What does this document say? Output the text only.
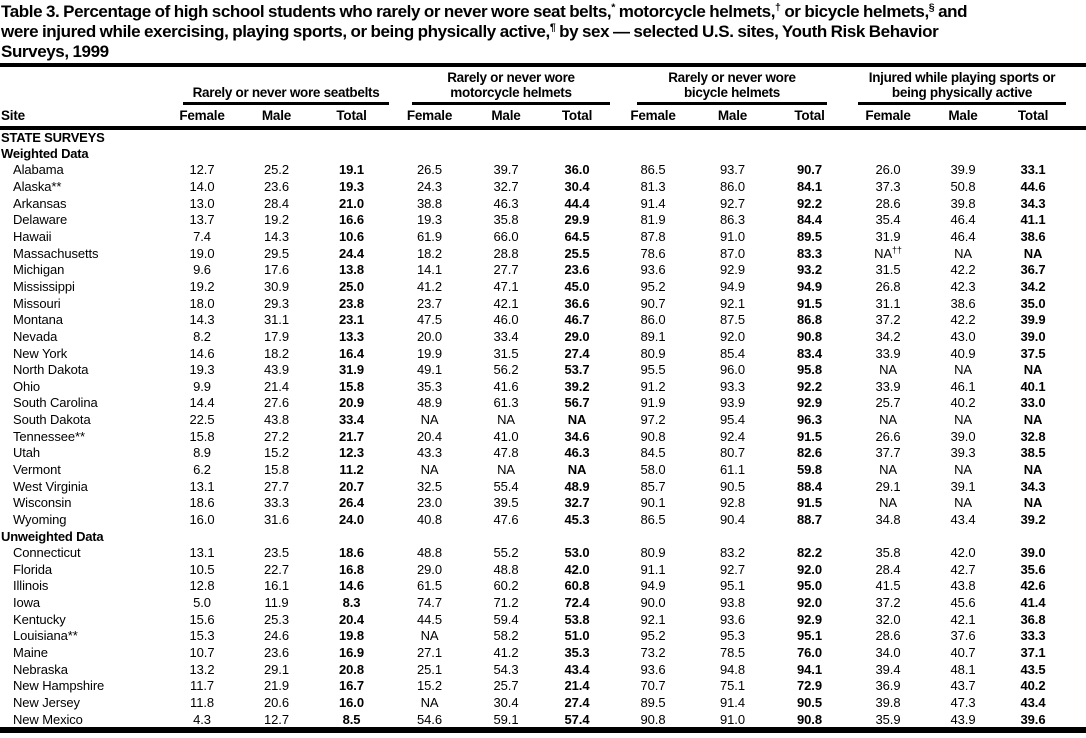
Table 3. Percentage of high school students who rarely or never wore seat belts,* motorcycle helmets,† or bicycle helmets,§ and
were injured while exercising, playing sports, or being physically active,¶ by sex — selected U.S. sites, Youth Risk Behavior
Surveys, 1999
Site	
Rarely or never wore seatbelts

Rarely or never wore
motorcycle helmets

Rarely or never wore
bicycle helmets

Injured while playing sports or
being physically active

	Female	Male	Total	Female	Male	Total	Female	Male	Total	Female	Male	Total	
STATE SURVEYS													
Weighted Data													
Alabama	12.7	25.2	19.1	26.5	39.7	36.0	86.5	93.7	90.7	26.0	39.9	33.1	
Alaska**	14.0	23.6	19.3	24.3	32.7	30.4	81.3	86.0	84.1	37.3	50.8	44.6	
Arkansas	13.0	28.4	21.0	38.8	46.3	44.4	91.4	92.7	92.2	28.6	39.8	34.3	
Delaware	13.7	19.2	16.6	19.3	35.8	29.9	81.9	86.3	84.4	35.4	46.4	41.1	
Hawaii	7.4	14.3	10.6	61.9	66.0	64.5	87.8	91.0	89.5	31.9	46.4	38.6	
Massachusetts	19.0	29.5	24.4	18.2	28.8	25.5	78.6	87.0	83.3	NA††	NA	NA	
Michigan	9.6	17.6	13.8	14.1	27.7	23.6	93.6	92.9	93.2	31.5	42.2	36.7	
Mississippi	19.2	30.9	25.0	41.2	47.1	45.0	95.2	94.9	94.9	26.8	42.3	34.2	
Missouri	18.0	29.3	23.8	23.7	42.1	36.6	90.7	92.1	91.5	31.1	38.6	35.0	
Montana	14.3	31.1	23.1	47.5	46.0	46.7	86.0	87.5	86.8	37.2	42.2	39.9	
Nevada	8.2	17.9	13.3	20.0	33.4	29.0	89.1	92.0	90.8	34.2	43.0	39.0	
New York	14.6	18.2	16.4	19.9	31.5	27.4	80.9	85.4	83.4	33.9	40.9	37.5	
North Dakota	19.3	43.9	31.9	49.1	56.2	53.7	95.5	96.0	95.8	NA	NA	NA	
Ohio	9.9	21.4	15.8	35.3	41.6	39.2	91.2	93.3	92.2	33.9	46.1	40.1	
South Carolina	14.4	27.6	20.9	48.9	61.3	56.7	91.9	93.9	92.9	25.7	40.2	33.0	
South Dakota	22.5	43.8	33.4	NA	NA	NA	97.2	95.4	96.3	NA	NA	NA	
Tennessee**	15.8	27.2	21.7	20.4	41.0	34.6	90.8	92.4	91.5	26.6	39.0	32.8	
Utah	8.9	15.2	12.3	43.3	47.8	46.3	84.5	80.7	82.6	37.7	39.3	38.5	
Vermont	6.2	15.8	11.2	NA	NA	NA	58.0	61.1	59.8	NA	NA	NA	
West Virginia	13.1	27.7	20.7	32.5	55.4	48.9	85.7	90.5	88.4	29.1	39.1	34.3	
Wisconsin	18.6	33.3	26.4	23.0	39.5	32.7	90.1	92.8	91.5	NA	NA	NA	
Wyoming	16.0	31.6	24.0	40.8	47.6	45.3	86.5	90.4	88.7	34.8	43.4	39.2	
Unweighted Data													
Connecticut	13.1	23.5	18.6	48.8	55.2	53.0	80.9	83.2	82.2	35.8	42.0	39.0	
Florida	10.5	22.7	16.8	29.0	48.8	42.0	91.1	92.7	92.0	28.4	42.7	35.6	
Illinois	12.8	16.1	14.6	61.5	60.2	60.8	94.9	95.1	95.0	41.5	43.8	42.6	
Iowa	5.0	11.9	8.3	74.7	71.2	72.4	90.0	93.8	92.0	37.2	45.6	41.4	
Kentucky	15.6	25.3	20.4	44.5	59.4	53.8	92.1	93.6	92.9	32.0	42.1	36.8	
Louisiana**	15.3	24.6	19.8	NA	58.2	51.0	95.2	95.3	95.1	28.6	37.6	33.3	
Maine	10.7	23.6	16.9	27.1	41.2	35.3	73.2	78.5	76.0	34.0	40.7	37.1	
Nebraska	13.2	29.1	20.8	25.1	54.3	43.4	93.6	94.8	94.1	39.4	48.1	43.5	
New Hampshire	11.7	21.9	16.7	15.2	25.7	21.4	70.7	75.1	72.9	36.9	43.7	40.2	
New Jersey	11.8	20.6	16.0	NA	30.4	27.4	89.5	91.4	90.5	39.8	47.3	43.4	
New Mexico	4.3	12.7	8.5	54.6	59.1	57.4	90.8	91.0	90.8	35.9	43.9	39.6	
